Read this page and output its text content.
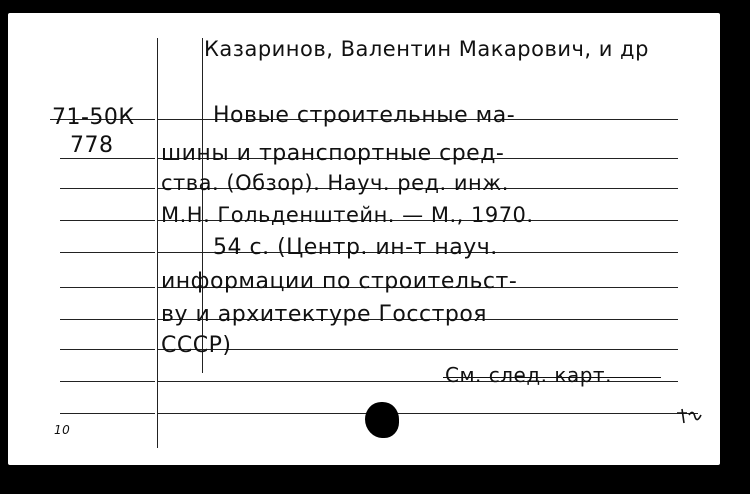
Казаринов, Валентин Макарович, и др
71-50К
778
Новые строительные ма-
шины и транспортные сред-
ства. (Обзор). Науч. ред. инж.
М.Н. Гольденштейн. — М., 1970.
54 с. (Центр. ин-т науч.
информации по строительст-
ву и архитектуре Госстроя
СССР)
См. след. карт.
10
